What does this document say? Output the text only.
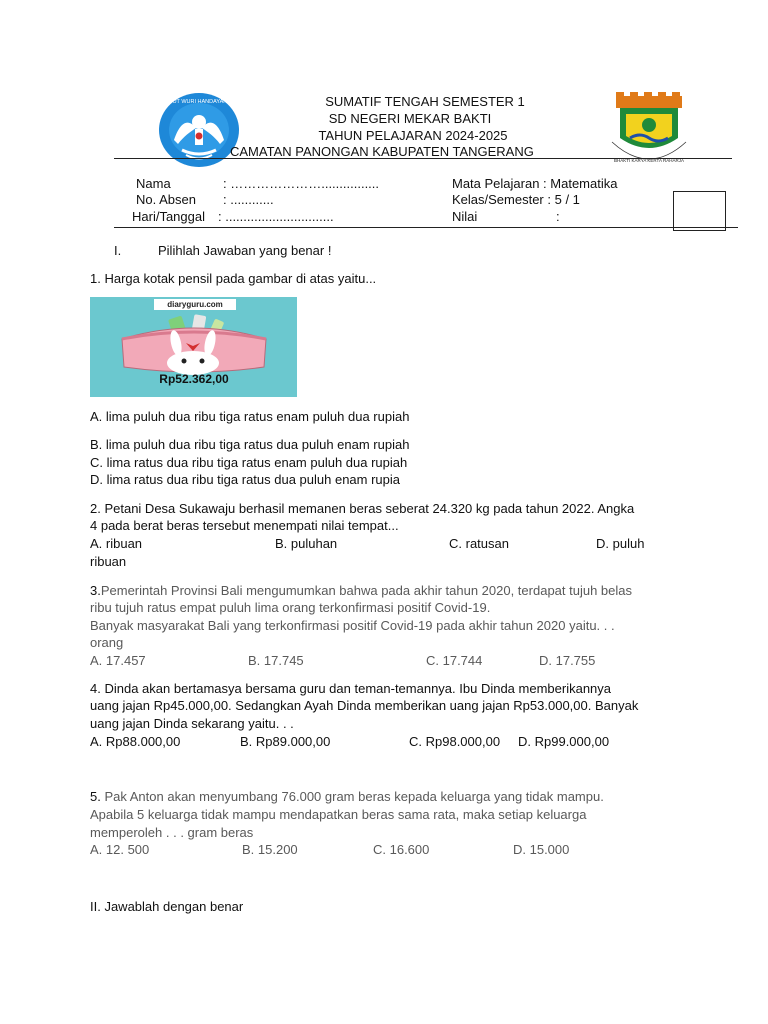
TUT WURI HANDAYANI	SUMATIF TENGAH SEMESTER 1
SD NEGERI MEKAR BAKTI
TAHUN PELAJARAN 2024-2025
CAMATAN PANONGAN KABUPATEN TANGERANG
BHAKTI KARYA KERTA RAHARJA
Nama	: …………………................
No. Absen : ............
Hari/Tanggal : ..............................
Mata Pelajaran : Matematika
Kelas/Semester : 5 / 1
Nilai	:
I.	Pilihlah Jawaban yang benar !
1. Harga kotak pensil pada gambar di atas yaitu...
diaryguru.com
Rp52.362,00
A. lima puluh dua ribu tiga ratus enam puluh dua rupiah
B. lima puluh dua ribu tiga ratus dua puluh enam rupiah
C. lima ratus dua ribu tiga ratus enam puluh dua rupiah
D. lima ratus dua ribu tiga ratus dua puluh enam rupia
2. Petani Desa Sukawaju berhasil memanen beras seberat 24.320 kg pada tahun 2022. Angka
4 pada berat beras tersebut menempati nilai tempat...
A. ribuan	B. puluhan	C. ratusan	D. puluh
ribuan
3.Pemerintah Provinsi Bali mengumumkan bahwa pada akhir tahun 2020, terdapat tujuh belas
ribu tujuh ratus empat puluh lima orang terkonfirmasi positif Covid-19.
Banyak masyarakat Bali yang terkonfirmasi positif Covid-19 pada akhir tahun 2020 yaitu. . .
orang
A. 17.457	B. 17.745	C. 17.744	D. 17.755
4. Dinda akan bertamasya bersama guru dan teman-temannya. Ibu Dinda memberikannya
uang jajan Rp45.000,00. Sedangkan Ayah Dinda memberikan uang jajan Rp53.000,00. Banyak
uang jajan Dinda sekarang yaitu. . .
A. Rp88.000,00	B. Rp89.000,00	C. Rp98.000,00 D. Rp99.000,00
5. Pak Anton akan menyumbang 76.000 gram beras kepada keluarga yang tidak mampu.
Apabila 5 keluarga tidak mampu mendapatkan beras sama rata, maka setiap keluarga
memperoleh . . . gram beras
A. 12. 500	B. 15.200	C. 16.600	D. 15.000
II. Jawablah dengan benar
